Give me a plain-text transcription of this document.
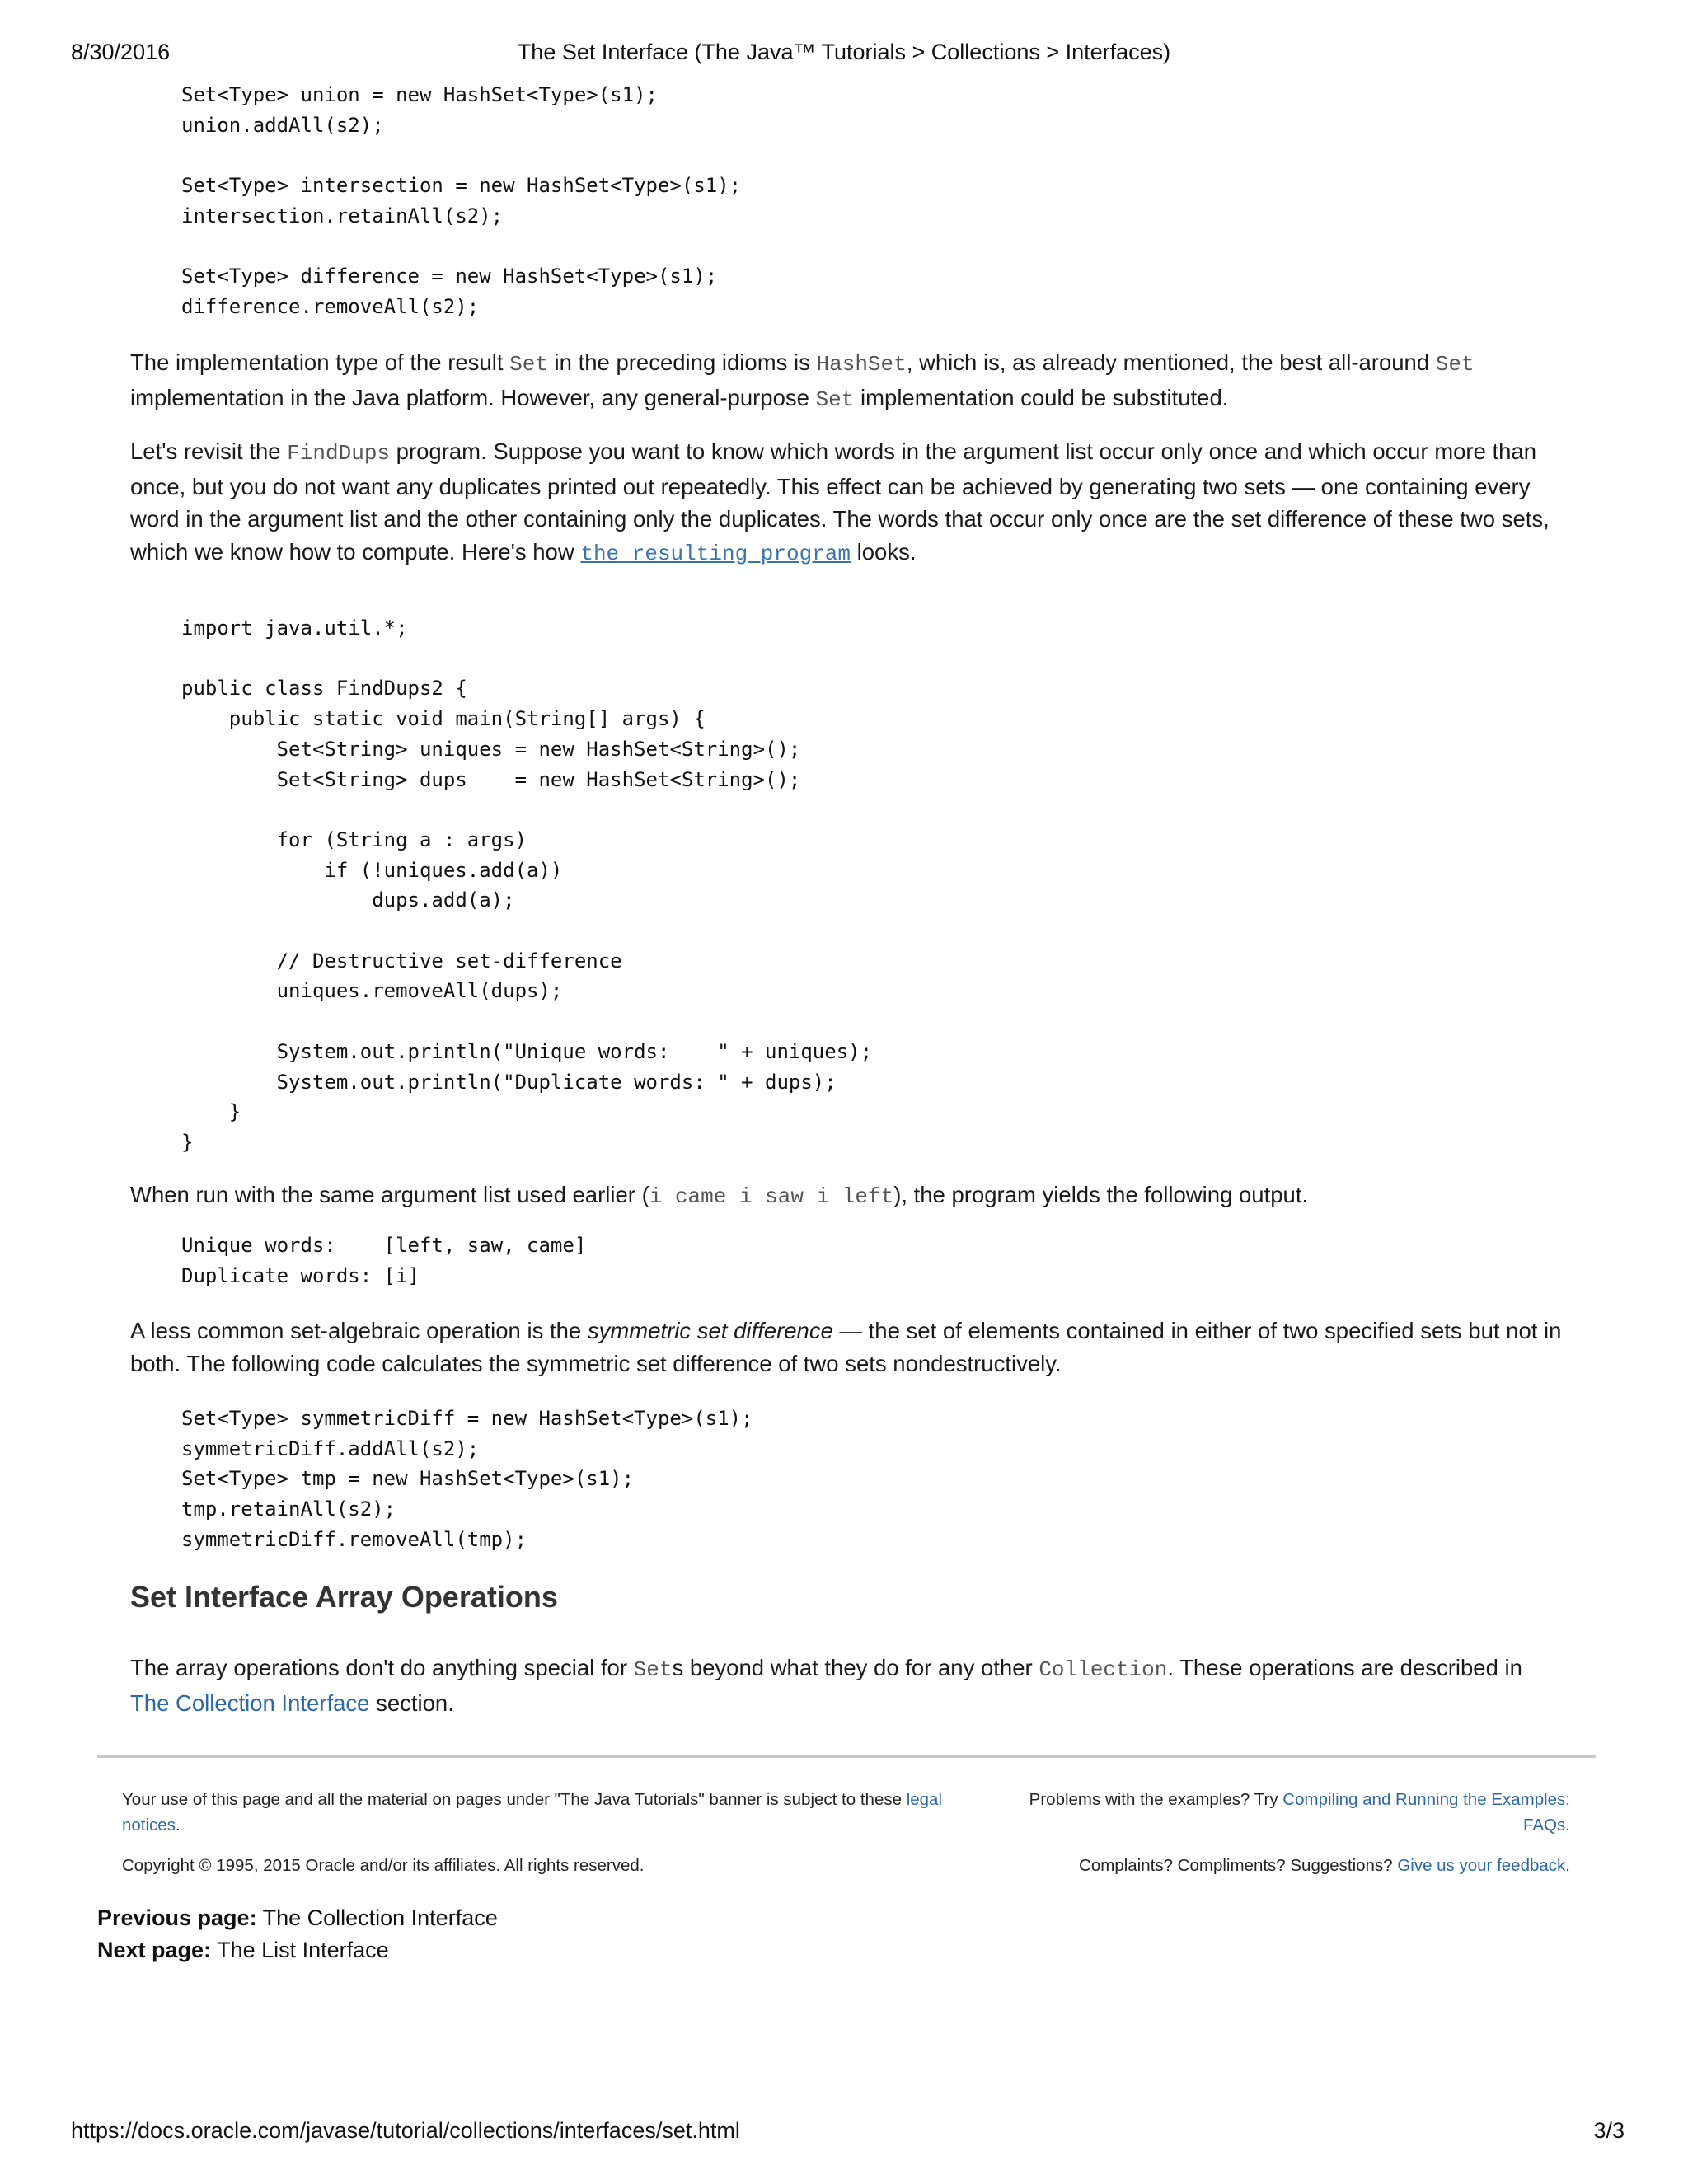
8/30/2016	The Set Interface (The Java™ Tutorials > Collections > Interfaces)
Set<Type> union = new HashSet<Type>(s1);
union.addAll(s2);

Set<Type> intersection = new HashSet<Type>(s1);
intersection.retainAll(s2);

Set<Type> difference = new HashSet<Type>(s1);
difference.removeAll(s2);

The implementation type of the result Set in the preceding idioms is HashSet, which is, as already mentioned, the best all-around Set implementation in the Java platform. However, any general-purpose Set implementation could be substituted.

Let's revisit the FindDups program. Suppose you want to know which words in the argument list occur only once and which occur more than once, but you do not want any duplicates printed out repeatedly. This effect can be achieved by generating two sets — one containing every word in the argument list and the other containing only the duplicates. The words that occur only once are the set difference of these two sets, which we know how to compute. Here's how the resulting program looks.

import java.util.*;

public class FindDups2 {
public static void main(String[] args) {
Set<String> uniques = new HashSet<String>();
Set<String> dups    = new HashSet<String>();

for (String a : args)
if (!uniques.add(a))
dups.add(a);

// Destructive set-difference
uniques.removeAll(dups);

System.out.println("Unique words:    " + uniques);
System.out.println("Duplicate words: " + dups);
}
}

When run with the same argument list used earlier (i came i saw i left), the program yields the following output.

Unique words:    [left, saw, came]
Duplicate words: [i]

A less common set-algebraic operation is the symmetric set difference — the set of elements contained in either of two specified sets but not in both. The following code calculates the symmetric set difference of two sets nondestructively.

Set<Type> symmetricDiff = new HashSet<Type>(s1);
symmetricDiff.addAll(s2);
Set<Type> tmp = new HashSet<Type>(s1);
tmp.retainAll(s2);
symmetricDiff.removeAll(tmp);
Set Interface Array Operations

The array operations don't do anything special for Sets beyond what they do for any other Collection. These operations are described in The Collection Interface section.

Your use of this page and all the material on pages under "The Java Tutorials" banner is subject to these legal notices.
Problems with the examples? Try Compiling and Running the Examples: FAQs.
Copyright © 1995, 2015 Oracle and/or its affiliates. All rights reserved.	Complaints? Compliments? Suggestions? Give us your feedback.
Previous page: The Collection Interface
Next page: The List Interface
https://docs.oracle.com/javase/tutorial/collections/interfaces/set.html	3/3
